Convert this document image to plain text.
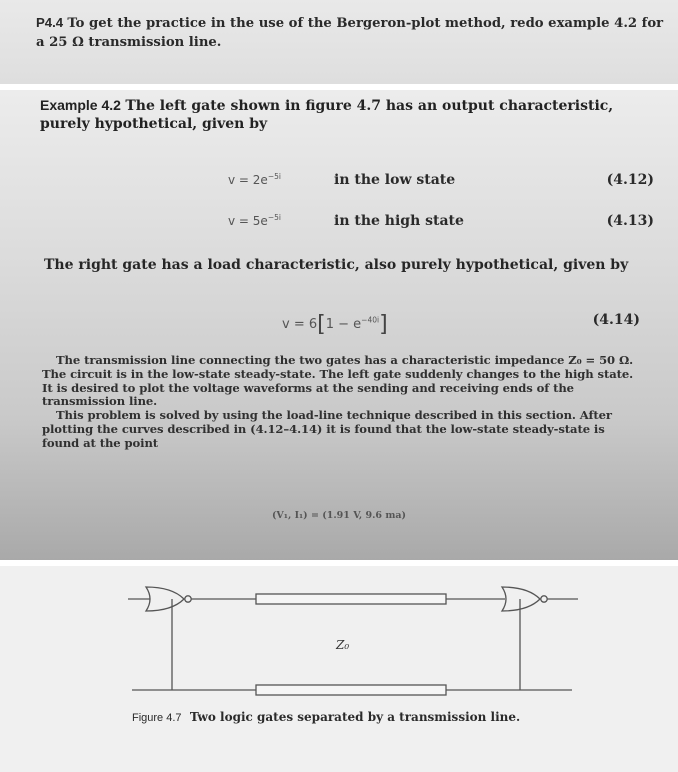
P4.4 To get the practice in the use of the Bergeron-plot method, redo example 4.2 for a 25 Ω transmission line.
Example 4.2 The left gate shown in figure 4.7 has an output characteristic, purely hypothetical, given by
$v = 2e^{-5i}$	in the low state	(4.12)
$v = 5e^{-5i}$	in the high state	(4.13)
The right gate has a load characteristic, also purely hypothetical, given by
$v = 6[1 - e^{-40i}]$	(4.14)

The transmission line connecting the two gates has a characteristic impedance Z₀ = 50 Ω. The circuit is in the low-state steady-state. The left gate suddenly changes to the high state. It is desired to plot the voltage waveforms at the sending and receiving ends of the transmission line.

This problem is solved by using the load-line technique described in this section. After plotting the curves described in (4.12–4.14) it is found that the low-state steady-state is found at the point

(V₁, I₁) = (1.91 V, 9.6 ma)
Z₀
Figure 4.7 Two logic gates separated by a transmission line.
